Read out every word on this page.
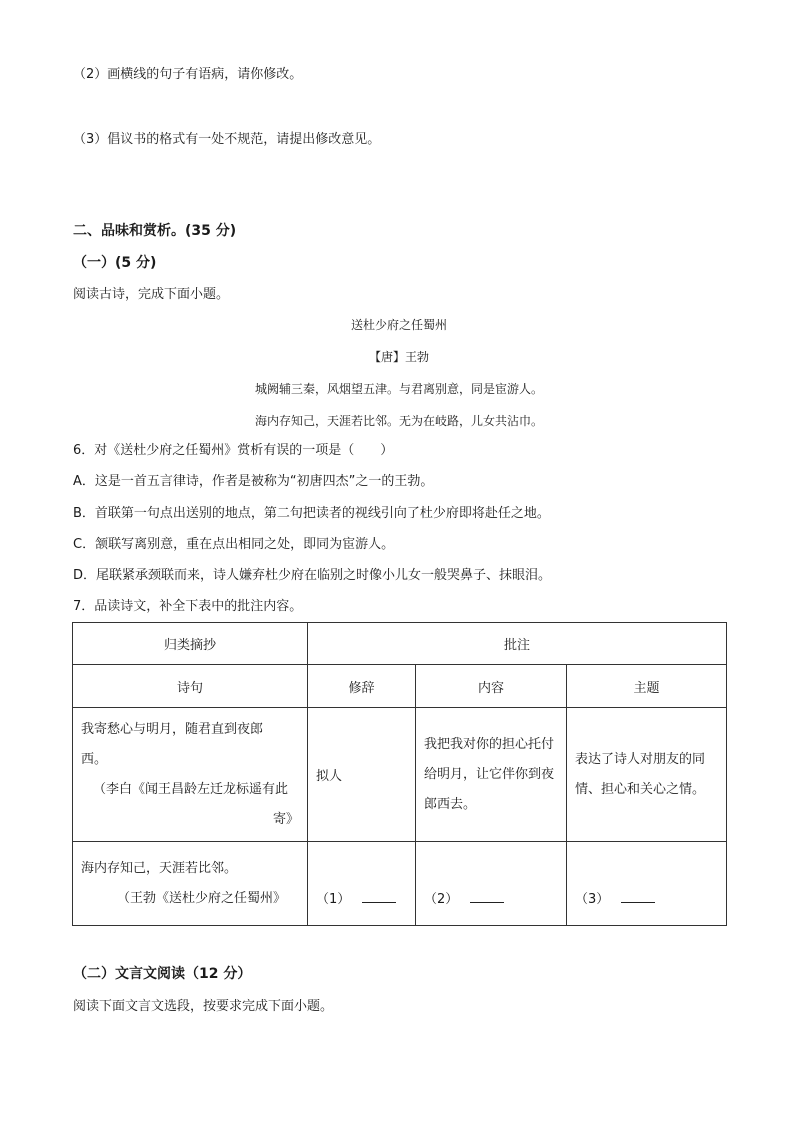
（2）画横线的句子有语病，请你修改。
（3）倡议书的格式有一处不规范，请提出修改意见。
二、品味和赏析。(35 分)
（一）(5 分)
阅读古诗，完成下面小题。
送杜少府之任蜀州
【唐】王勃
城阙辅三秦，风烟望五津。与君离别意，同是宦游人。
海内存知己，天涯若比邻。无为在岐路，儿女共沾巾。
6．对《送杜少府之任蜀州》赏析有误的一项是（　　）
A．这是一首五言律诗，作者是被称为“初唐四杰”之一的王勃。
B．首联第一句点出送别的地点，第二句把读者的视线引向了杜少府即将赴任之地。
C．颔联写离别意，重在点出相同之处，即同为宦游人。
D．尾联紧承颈联而来，诗人嫌弃杜少府在临别之时像小儿女一般哭鼻子、抹眼泪。
7．品读诗文，补全下表中的批注内容。
归类摘抄	批注		
诗句	修辞	内容	主题

我寄愁心与明月，随君直到夜郎
西。
（李白《闻王昌龄左迁龙标遥有此
寄》	拟人	我把我对你的担心托付给明月，让它伴你到夜郎西去。	表达了诗人对朋友的同情、担心和关心之情。

海内存知己，天涯若比邻。
（王勃《送杜少府之任蜀州》	（1）	（2）	（3）
（二）文言文阅读（12 分）
阅读下面文言文选段，按要求完成下面小题。
